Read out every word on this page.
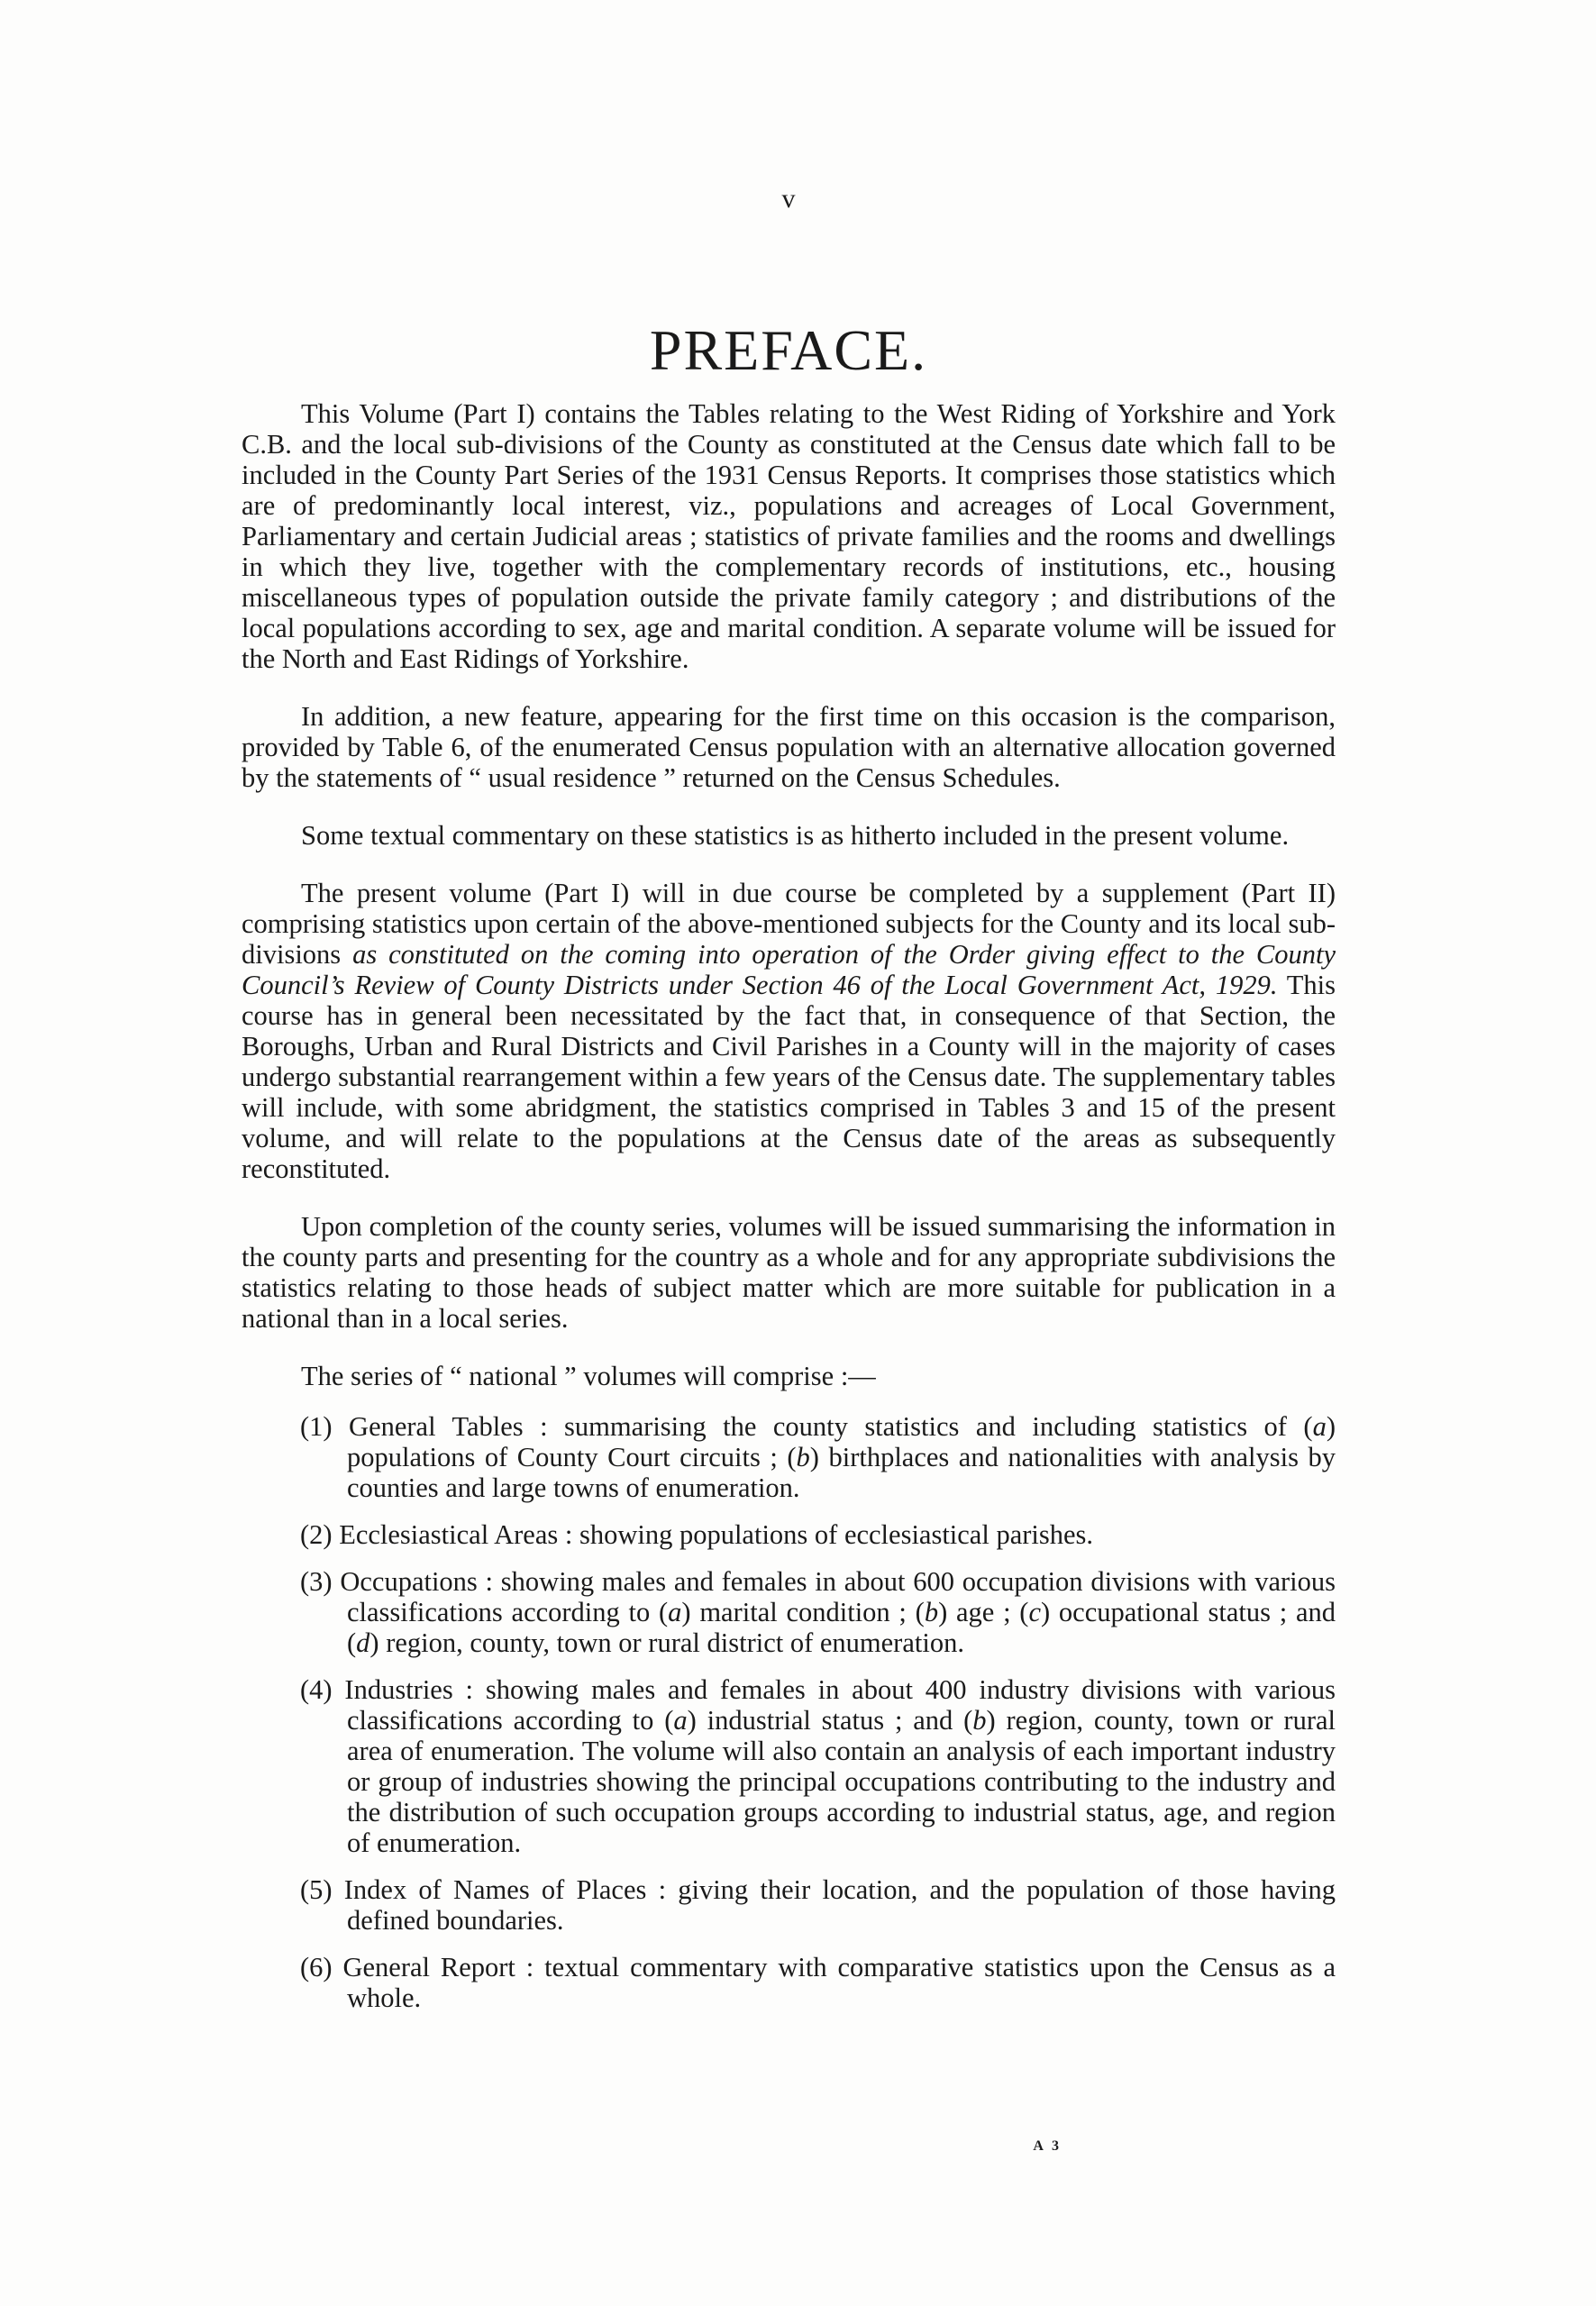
v

PREFACE.

This Volume (Part I) contains the Tables relating to the West Riding of Yorkshire and York C.B. and the local sub-divisions of the County as constituted at the Census date which fall to be included in the County Part Series of the 1931 Census Reports. It comprises those statistics which are of predominantly local interest, viz., populations and acreages of Local Government, Parliamentary and certain Judicial areas ; statistics of private families and the rooms and dwellings in which they live, together with the complementary records of institutions, etc., housing miscellaneous types of population outside the private family category ; and distributions of the local populations according to sex, age and marital condition. A separate volume will be issued for the North and East Ridings of Yorkshire.

In addition, a new feature, appearing for the first time on this occasion is the comparison, provided by Table 6, of the enumerated Census population with an alternative allocation governed by the statements of “ usual residence ” returned on the Census Schedules.

Some textual commentary on these statistics is as hitherto included in the present volume.

The present volume (Part I) will in due course be completed by a supplement (Part II) comprising statistics upon certain of the above-mentioned subjects for the County and its local sub-divisions as constituted on the coming into operation of the Order giving effect to the County Council’s Review of County Districts under Section 46 of the Local Government Act, 1929. This course has in general been necessitated by the fact that, in consequence of that Section, the Boroughs, Urban and Rural Districts and Civil Parishes in a County will in the majority of cases undergo substantial rearrangement within a few years of the Census date. The supplementary tables will include, with some abridgment, the statistics comprised in Tables 3 and 15 of the present volume, and will relate to the populations at the Census date of the areas as subsequently reconstituted.

Upon completion of the county series, volumes will be issued summarising the information in the county parts and presenting for the country as a whole and for any appropriate subdivisions the statistics relating to those heads of subject matter which are more suitable for publication in a national than in a local series.

The series of “ national ” volumes will comprise :—

(1) General Tables : summarising the county statistics and including statistics of (a) populations of County Court circuits ; (b) birthplaces and nationalities with analysis by counties and large towns of enumeration.
(2) Ecclesiastical Areas : showing populations of ecclesiastical parishes.
(3) Occupations : showing males and females in about 600 occupation divisions with various classifications according to (a) marital condition ; (b) age ; (c) occupational status ; and (d) region, county, town or rural district of enumeration.
(4) Industries : showing males and females in about 400 industry divisions with various classifications according to (a) industrial status ; and (b) region, county, town or rural area of enumeration. The volume will also contain an analysis of each important industry or group of industries showing the principal occupations contributing to the industry and the distribution of such occupation groups according to industrial status, age, and region of enumeration.
(5) Index of Names of Places : giving their location, and the population of those having defined boundaries.
(6) General Report : textual commentary with comparative statistics upon the Census as a whole.
A 3
